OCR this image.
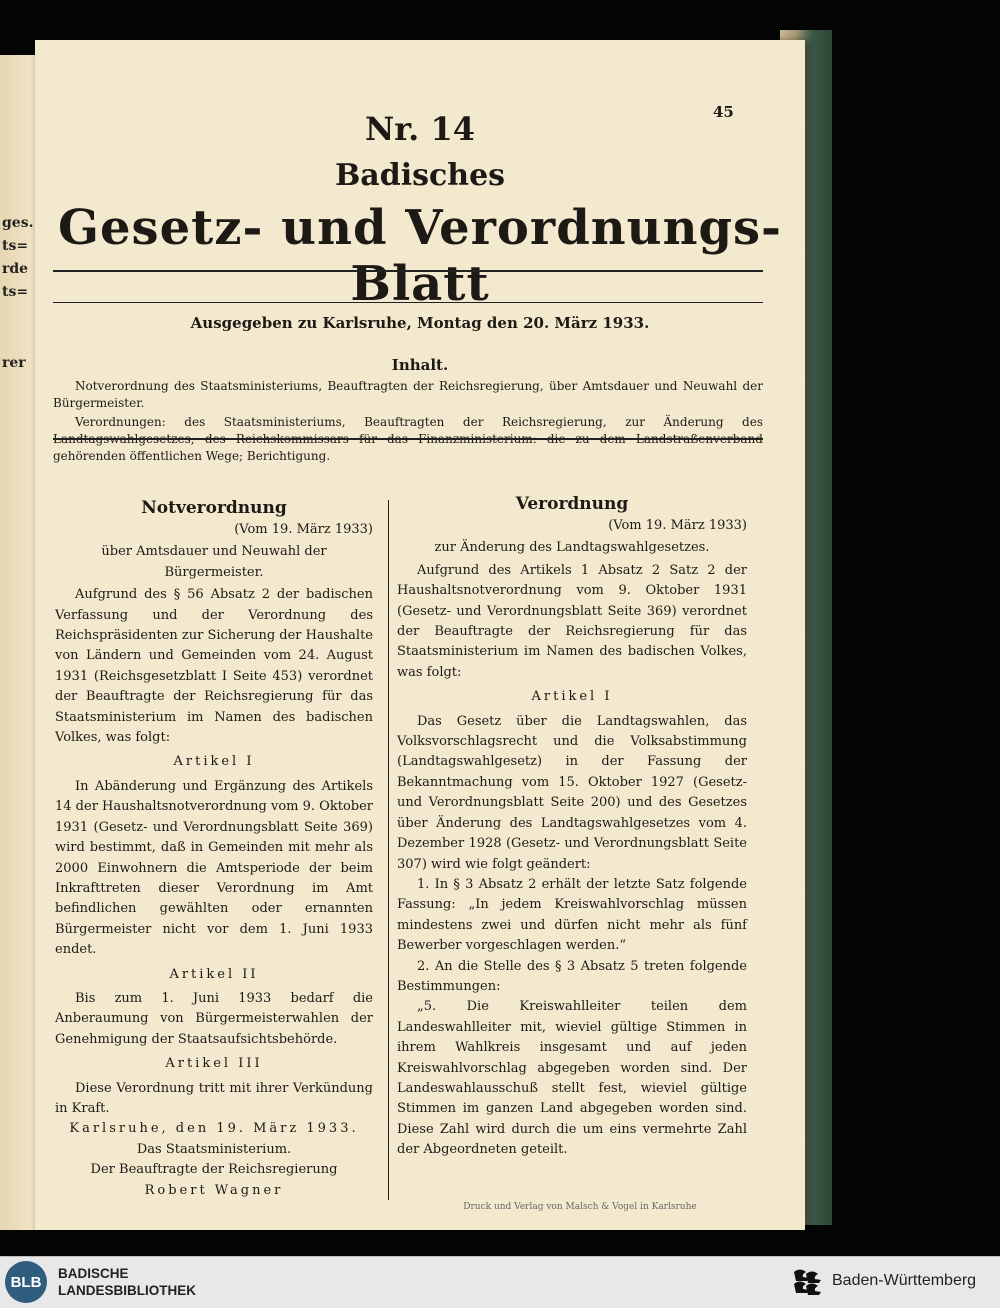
ges.
ts=
rde
ts=
rer
45
Nr. 14
Badisches
Gesetz- und Verordnungs-Blatt
Ausgegeben zu Karlsruhe, Montag den 20. März 1933.
Inhalt.

Notverordnung des Staatsministeriums, Beauftragten der Reichsregierung, über Amtsdauer und Neuwahl der Bürgermeister.

Verordnungen: des Staatsministeriums, Beauftragten der Reichsregierung, zur Änderung des Landtagswahlgesetzes; des Reichskommissars für das Finanzministerium: die zu dem Landstraßenverband gehörenden öffentlichen Wege; Berichtigung.

Notverordnung

(Vom 19. März 1933)

über Amtsdauer und Neuwahl der Bürgermeister.

Aufgrund des § 56 Absatz 2 der badischen Verfassung und der Verordnung des Reichspräsidenten zur Sicherung der Haushalte von Ländern und Gemeinden vom 24. August 1931 (Reichsgesetzblatt I Seite 453) verordnet der Beauftragte der Reichsregierung für das Staatsministerium im Namen des badischen Volkes, was folgt:

Artikel I

In Abänderung und Ergänzung des Artikels 14 der Haushaltsnotverordnung vom 9. Oktober 1931 (Gesetz- und Verordnungsblatt Seite 369) wird bestimmt, daß in Gemeinden mit mehr als 2000 Einwohnern die Amtsperiode der beim Inkrafttreten dieser Verordnung im Amt befindlichen gewählten oder ernannten Bürgermeister nicht vor dem 1. Juni 1933 endet.

Artikel II

Bis zum 1. Juni 1933 bedarf die Anberaumung von Bürgermeisterwahlen der Genehmigung der Staatsaufsichtsbehörde.

Artikel III

Diese Verordnung tritt mit ihrer Verkündung in Kraft.

Karlsruhe, den 19. März 1933.

Das Staatsministerium.

Der Beauftragte der Reichsregierung

Robert Wagner

Verordnung

(Vom 19. März 1933)

zur Änderung des Landtagswahlgesetzes.

Aufgrund des Artikels 1 Absatz 2 Satz 2 der Haushaltsnotverordnung vom 9. Oktober 1931 (Gesetz- und Verordnungsblatt Seite 369) verordnet der Beauftragte der Reichsregierung für das Staatsministerium im Namen des badischen Volkes, was folgt:

Artikel I

Das Gesetz über die Landtagswahlen, das Volksvorschlagsrecht und die Volksabstimmung (Landtagswahlgesetz) in der Fassung der Bekanntmachung vom 15. Oktober 1927 (Gesetz- und Verordnungsblatt Seite 200) und des Gesetzes über Änderung des Landtagswahlgesetzes vom 4. Dezember 1928 (Gesetz- und Verordnungsblatt Seite 307) wird wie folgt geändert:

1. In § 3 Absatz 2 erhält der letzte Satz folgende Fassung: „In jedem Kreiswahlvorschlag müssen mindestens zwei und dürfen nicht mehr als fünf Bewerber vorgeschlagen werden.“

2. An die Stelle des § 3 Absatz 5 treten folgende Bestimmungen:

„5. Die Kreiswahlleiter teilen dem Landeswahlleiter mit, wieviel gültige Stimmen in ihrem Wahlkreis insgesamt und auf jeden Kreiswahlvorschlag abgegeben worden sind. Der Landeswahlausschuß stellt fest, wieviel gültige Stimmen im ganzen Land abgegeben worden sind. Diese Zahl wird durch die um eins vermehrte Zahl der Abgeordneten geteilt.

Druck und Verlag von Malsch & Vogel in Karlsruhe
BLB	BADISCHE
LANDESBIBLIOTHEK
Baden-Württemberg
